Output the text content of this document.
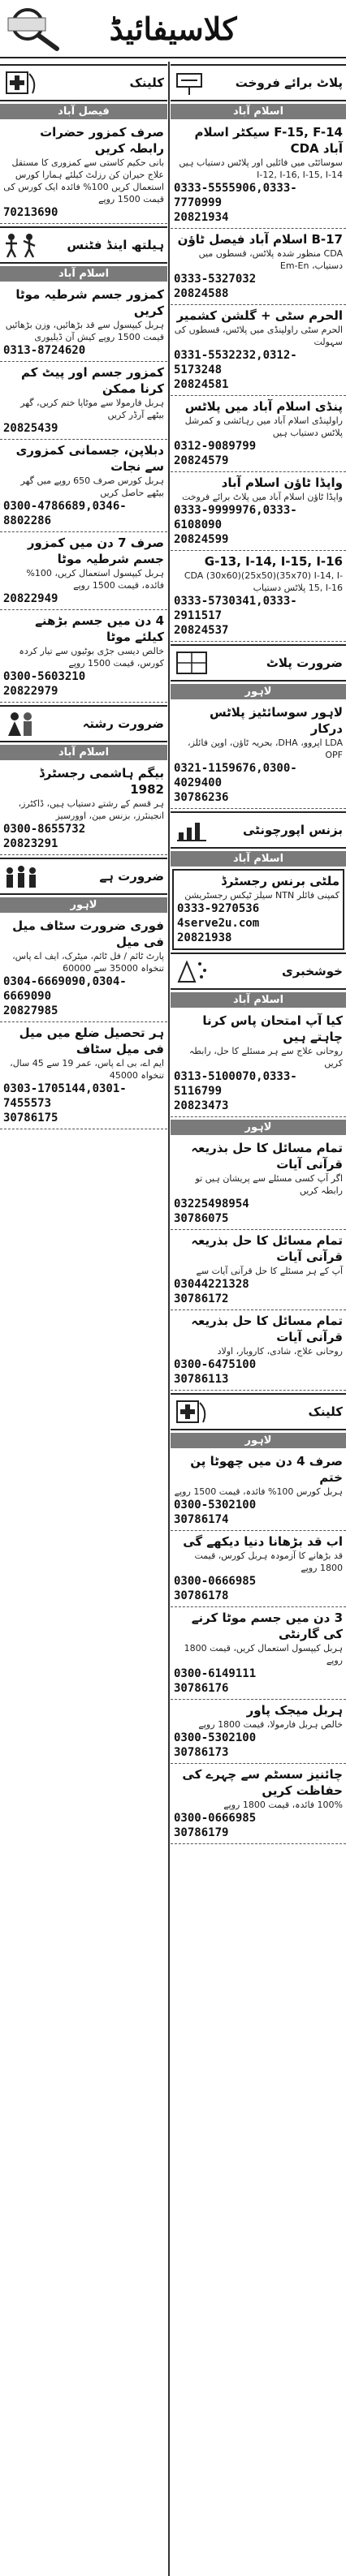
کلاسیفائیڈ
کلینک
فیصل آباد
صرف کمزور حضرات رابطہ کریں
بانی حکیم کاستی سے کمزوری کا مستقل علاج حیران کن رزلٹ کیلئے ہمارا کورس استعمال کریں 100% فائدہ ایک کورس کی قیمت 1500 روپے
70213690
ہیلتھ اینڈ فٹنس
اسلام آباد
کمزور جسم شرطیہ موٹا کریں
ہربل کیپسول سے قد بڑھائیں، وزن بڑھائیں قیمت 1500 روپے کیش آن ڈیلیوری
0313-8724620
کمزور جسم اور پیٹ کم کرنا ممکن
ہربل فارمولا سے موٹاپا ختم کریں، گھر بیٹھے آرڈر کریں
20825439
دبلاپن، جسمانی کمزوری سے نجات
ہربل کورس صرف 650 روپے میں گھر بیٹھے حاصل کریں
0300-4786689,0346-8802286
صرف 7 دن میں کمزور جسم شرطیہ موٹا
ہربل کیپسول استعمال کریں، 100% فائدہ، قیمت 1500 روپے
20822949
4 دن میں جسم بڑھنے کیلئے موٹا
خالص دیسی جڑی بوٹیوں سے تیار کردہ کورس، قیمت 1500 روپے
0300-5603210
20822979
ضرورت رشتہ
اسلام آباد
بیگم ہاشمی رجسٹرڈ 1982
ہر قسم کے رشتے دستیاب ہیں، ڈاکٹرز، انجینئرز، بزنس مین، اوورسیز
0300-8655732
20823291
ضرورت ہے
لاہور
فوری ضرورت سٹاف میل فی میل
پارٹ ٹائم / فل ٹائم، میٹرک، ایف اے پاس، تنخواہ 35000 سے 60000
0304-6669090,0304-6669090
20827985
ہر تحصیل ضلع میں میل فی میل سٹاف
ایم اے، بی اے پاس، عمر 19 سے 45 سال، تنخواہ 45000
0303-1705144,0301-7455573
30786175
پلاٹ برائے فروخت
اسلام آباد
F-15, F-14 سیکٹر اسلام آباد CDA
سوسائٹی میں فائلیں اور پلاٹس دستیاب ہیں I-12, I-16, I-15, I-14
0333-5555906,0333-7770999
20821934
B-17 اسلام آباد فیصل ٹاؤن
CDA منظور شدہ پلاٹس، قسطوں میں دستیاب، Em-En
0333-5327032
20824588
الحرم سٹی + گلشن کشمیر
الحرم سٹی راولپنڈی میں پلاٹس، قسطوں کی سہولت
0331-5532232,0312-5173248
20824581
پنڈی اسلام آباد میں پلاٹس
راولپنڈی اسلام آباد میں رہائشی و کمرشل پلاٹس دستیاب ہیں
0312-9089799
20824579
واپڈا ٹاؤن اسلام آباد
واپڈا ٹاؤن اسلام آباد میں پلاٹ برائے فروخت
0333-9999976,0333-6108090
20824599
G-13, I-14, I-15, I-16
CDA (30x60)(25x50)(35x70) I-14, I-15, I-16 پلاٹس دستیاب
0333-5730341,0333-2911517
20824537
ضرورت پلاٹ
لاہور
لاہور سوسائٹیز پلاٹس درکار
LDA اپروو، DHA، بحریہ ٹاؤن، اوپن فائلز، OPF
0321-1159676,0300-4029400
30786236
بزنس اپورچونٹی
اسلام آباد
ملٹی برنس رجسٹرڈ
کمپنی فائلر NTN سیلز ٹیکس رجسٹریشن
0333-9270536
4serve2u.com
20821938
خوشخبری
اسلام آباد
کیا آپ امتحان پاس کرنا چاہتے ہیں
روحانی علاج سے ہر مسئلے کا حل، رابطہ کریں
0313-5100070,0333-5116799
20823473
لاہور
تمام مسائل کا حل بذریعہ قرآنی آیات
اگر آپ کسی مسئلے سے پریشان ہیں تو رابطہ کریں
03225498954
30786075
تمام مسائل کا حل بذریعہ قرآنی آیات
آپ کے ہر مسئلے کا حل قرآنی آیات سے
03044221328
30786172
تمام مسائل کا حل بذریعہ قرآنی آیات
روحانی علاج، شادی، کاروبار، اولاد
0300-6475100
30786113
کلینک
لاہور
صرف 4 دن میں چھوٹا پن ختم
ہربل کورس 100% فائدہ، قیمت 1500 روپے
0300-5302100
30786174
اب قد بڑھانا دنیا دیکھے گی
قد بڑھانے کا آزمودہ ہربل کورس، قیمت 1800 روپے
0300-0666985
30786178
3 دن میں جسم موٹا کرنے کی گارنٹی
ہربل کیپسول استعمال کریں، قیمت 1800 روپے
0300-6149111
30786176
ہربل میجک پاور
خالص ہربل فارمولا، قیمت 1800 روپے
0300-5302100
30786173
چائنیز سسٹم سے چہرے کی حفاظت کریں
100% فائدہ، قیمت 1800 روپے
0300-0666985
30786179
